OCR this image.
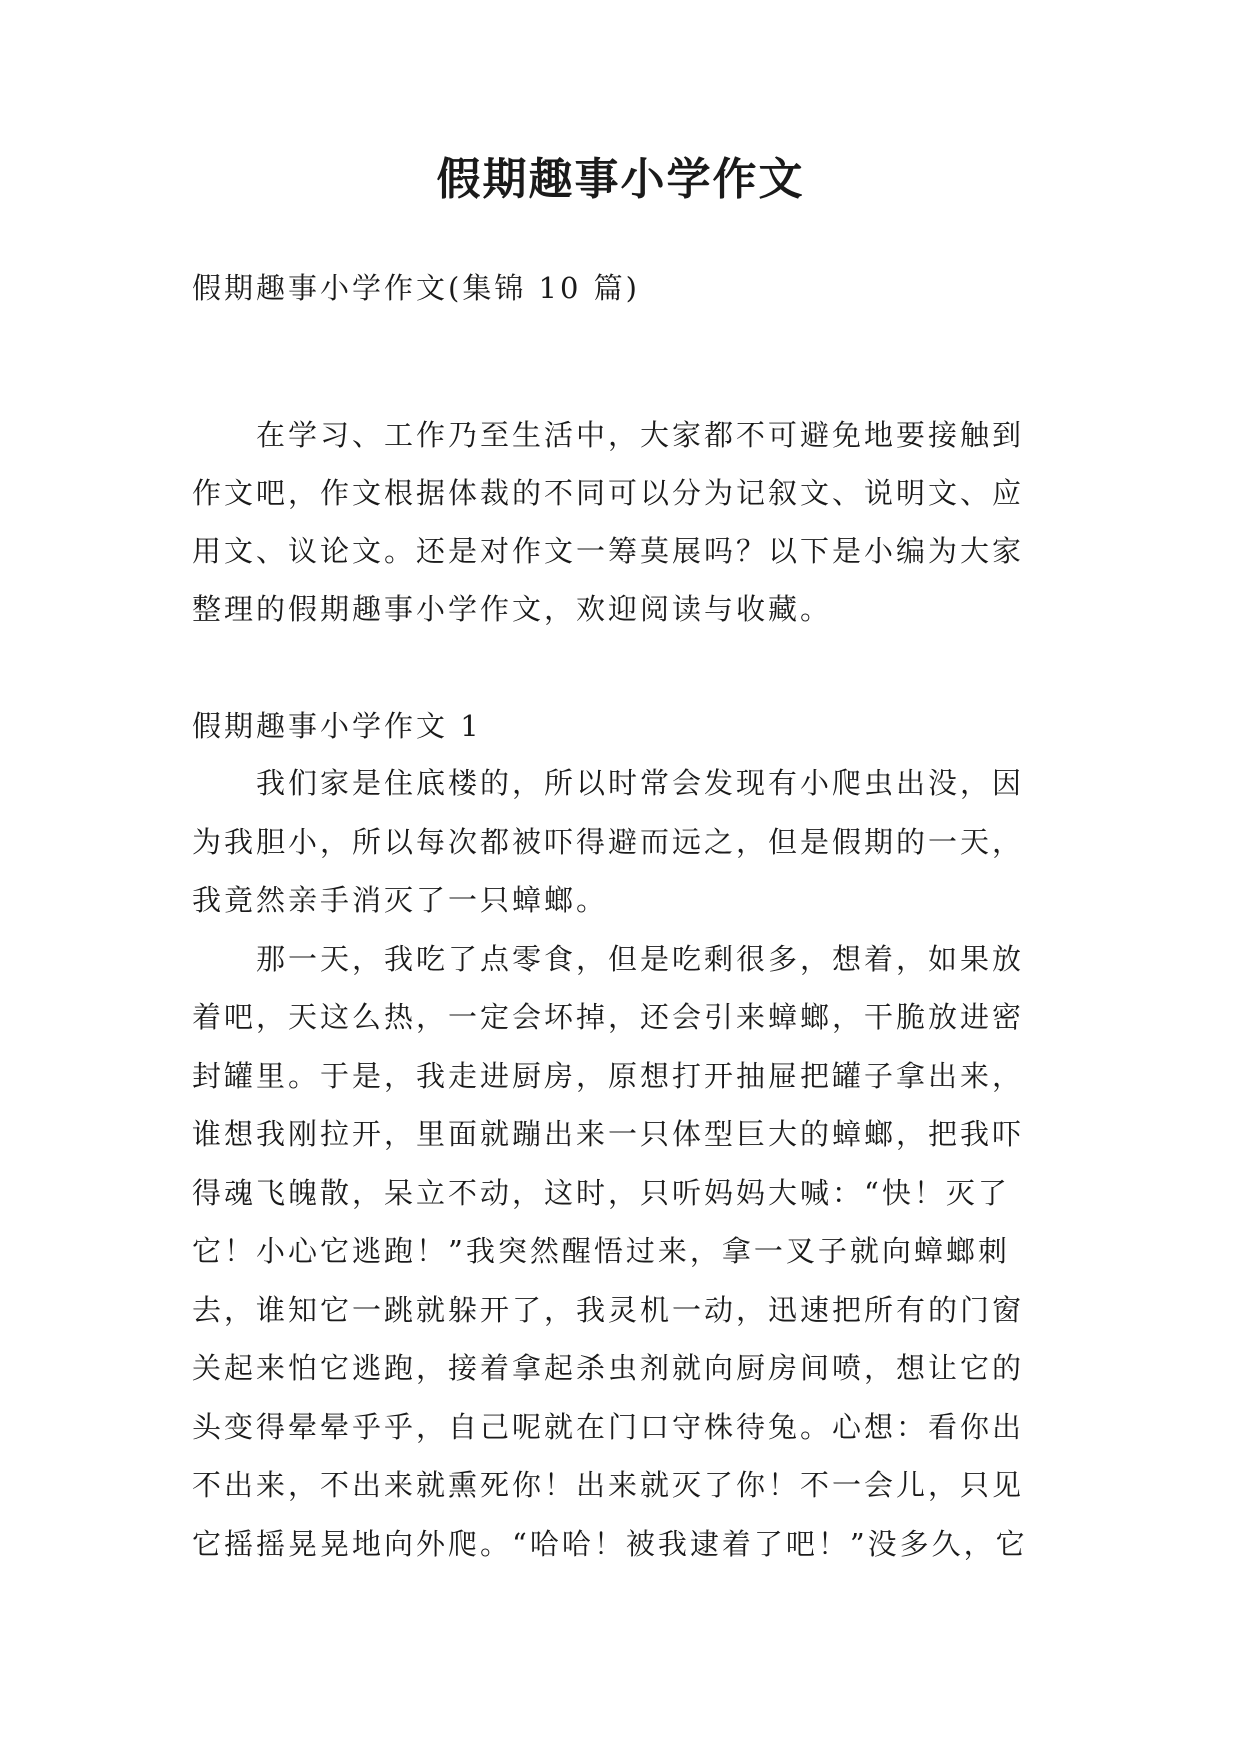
假期趣事小学作文

假期趣事小学作文(集锦 10 篇)

在学习、工作乃至生活中，大家都不可避免地要接触到
作文吧，作文根据体裁的不同可以分为记叙文、说明文、应
用文、议论文。还是对作文一筹莫展吗？以下是小编为大家
整理的假期趣事小学作文，欢迎阅读与收藏。

假期趣事小学作文 1

我们家是住底楼的，所以时常会发现有小爬虫出没，因
为我胆小，所以每次都被吓得避而远之，但是假期的一天，
我竟然亲手消灭了一只蟑螂。
那一天，我吃了点零食，但是吃剩很多，想着，如果放
着吧，天这么热，一定会坏掉，还会引来蟑螂，干脆放进密
封罐里。于是，我走进厨房，原想打开抽屉把罐子拿出来，
谁想我刚拉开，里面就蹦出来一只体型巨大的蟑螂，把我吓
得魂飞魄散，呆立不动，这时，只听妈妈大喊：“快！灭了
它！小心它逃跑！”我突然醒悟过来，拿一叉子就向蟑螂刺
去，谁知它一跳就躲开了，我灵机一动，迅速把所有的门窗
关起来怕它逃跑，接着拿起杀虫剂就向厨房间喷，想让它的
头变得晕晕乎乎，自己呢就在门口守株待兔。心想：看你出
不出来，不出来就熏死你！出来就灭了你！不一会儿，只见
它摇摇晃晃地向外爬。“哈哈！被我逮着了吧！”没多久，它
